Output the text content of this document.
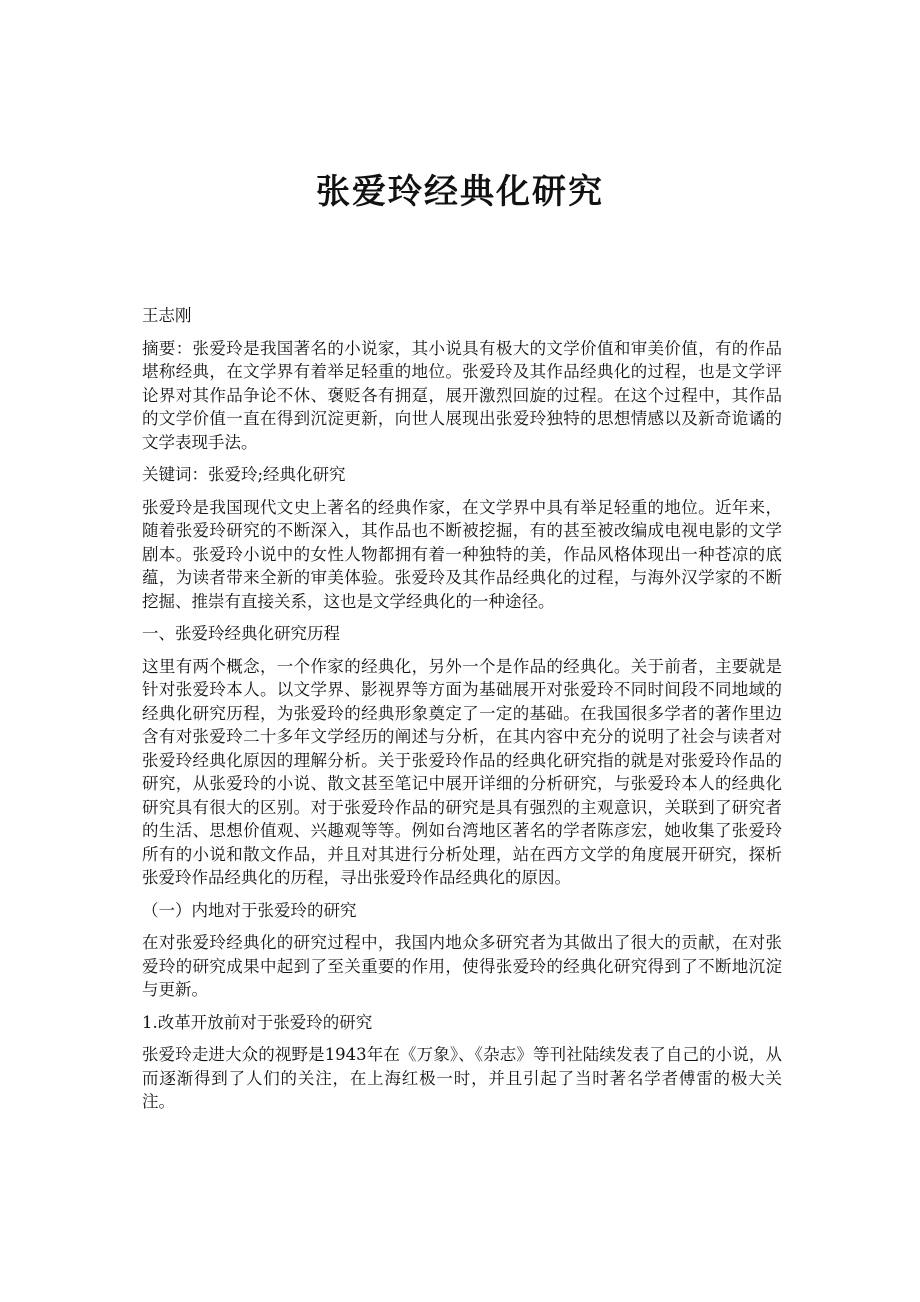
张爱玲经典化研究

王志刚

摘要：张爱玲是我国著名的小说家，其小说具有极大的文学价值和审美价值，有的作品堪称经典，在文学界有着举足轻重的地位。张爱玲及其作品经典化的过程，也是文学评论界对其作品争论不休、褒贬各有拥趸，展开激烈回旋的过程。在这个过程中，其作品的文学价值一直在得到沉淀更新，向世人展现出张爱玲独特的思想情感以及新奇诡谲的文学表现手法。

关键词：张爱玲;经典化研究

张爱玲是我国现代文史上著名的经典作家，在文学界中具有举足轻重的地位。近年来，随着张爱玲研究的不断深入，其作品也不断被挖掘，有的甚至被改编成电视电影的文学剧本。张爱玲小说中的女性人物都拥有着一种独特的美，作品风格体现出一种苍凉的底蕴，为读者带来全新的审美体验。张爱玲及其作品经典化的过程，与海外汉学家的不断挖掘、推崇有直接关系，这也是文学经典化的一种途径。

一、张爱玲经典化研究历程

这里有两个概念，一个作家的经典化，另外一个是作品的经典化。关于前者，主要就是针对张爱玲本人。以文学界、影视界等方面为基础展开对张爱玲不同时间段不同地域的经典化研究历程，为张爱玲的经典形象奠定了一定的基础。在我国很多学者的著作里边含有对张爱玲二十多年文学经历的阐述与分析，在其内容中充分的说明了社会与读者对张爱玲经典化原因的理解分析。关于张爱玲作品的经典化研究指的就是对张爱玲作品的研究，从张爱玲的小说、散文甚至笔记中展开详细的分析研究，与张爱玲本人的经典化研究具有很大的区别。对于张爱玲作品的研究是具有强烈的主观意识，关联到了研究者的生活、思想价值观、兴趣观等等。例如台湾地区著名的学者陈彦宏，她收集了张爱玲所有的小说和散文作品，并且对其进行分析处理，站在西方文学的角度展开研究，探析张爱玲作品经典化的历程，寻出张爱玲作品经典化的原因。

（一）内地对于张爱玲的研究

在对张爱玲经典化的研究过程中，我国内地众多研究者为其做出了很大的贡献，在对张爱玲的研究成果中起到了至关重要的作用，使得张爱玲的经典化研究得到了不断地沉淀与更新。

1.改革开放前对于张爱玲的研究

张爱玲走进大众的视野是1943年在《万象》、《杂志》等刊社陆续发表了自己的小说，从而逐渐得到了人们的关注，在上海红极一时，并且引起了当时著名学者傅雷的极大关注。
